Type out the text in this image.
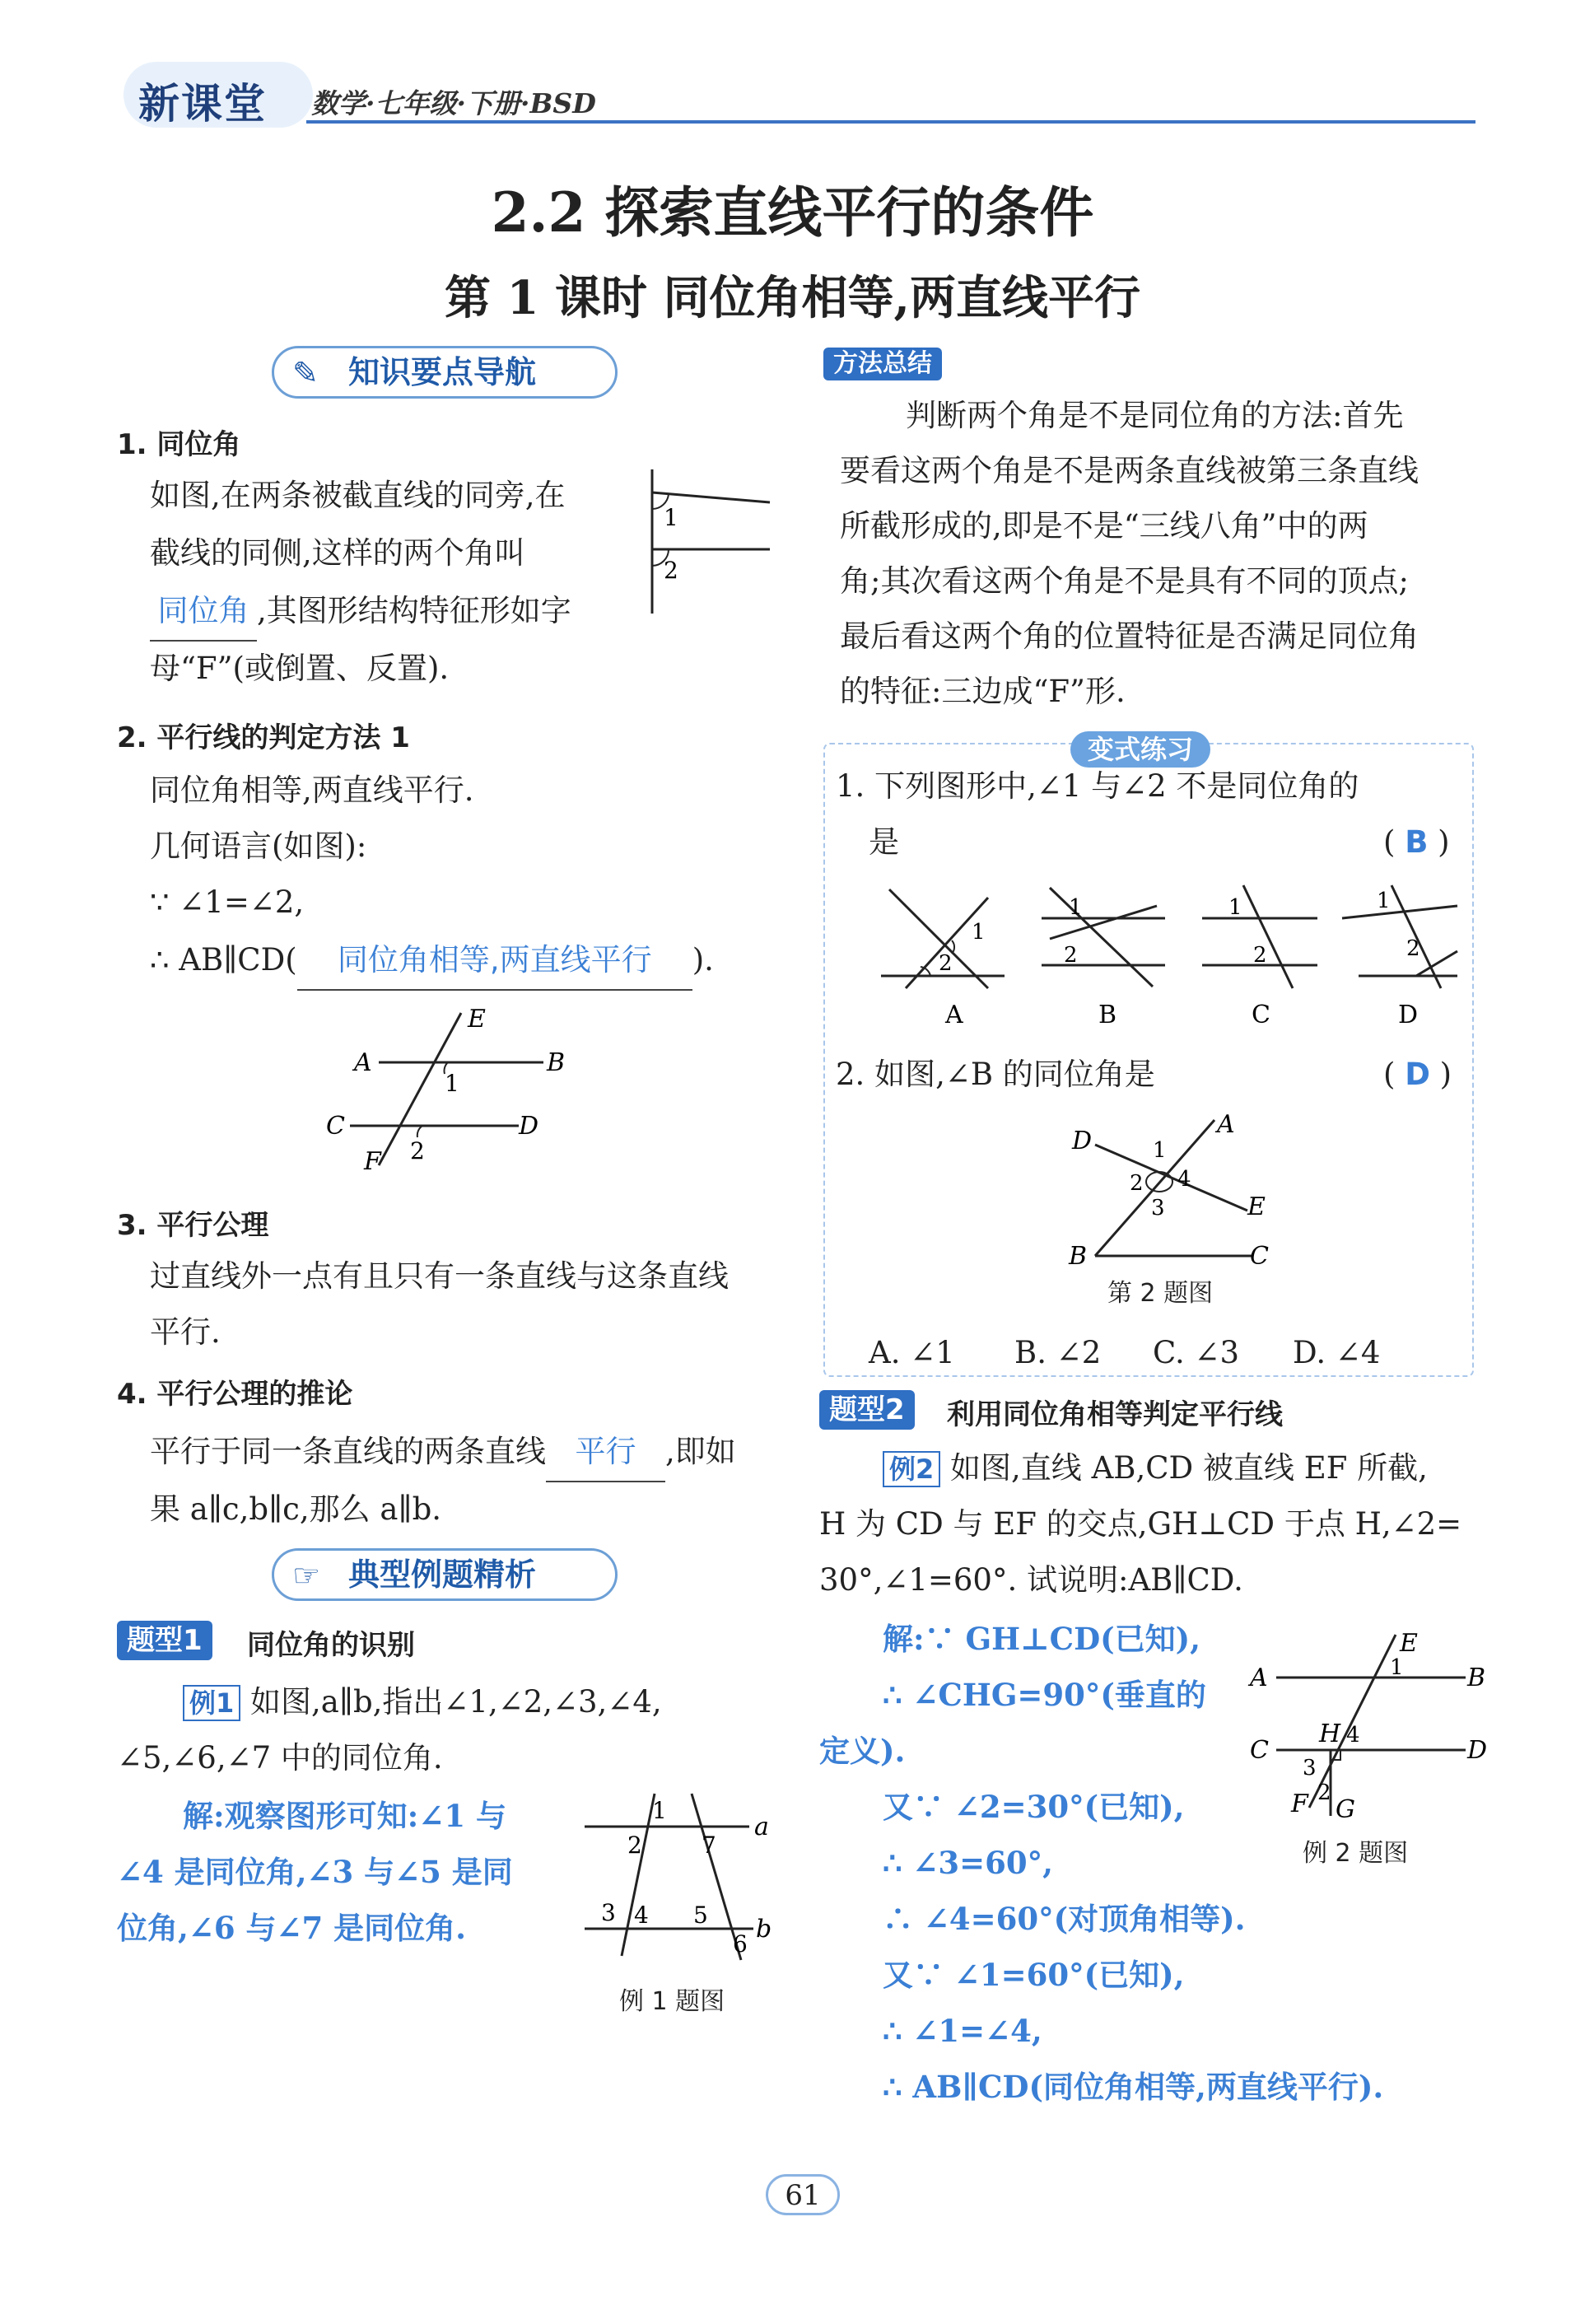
新课堂 数学·七年级·下册·BSD
2.2 探索直线平行的条件
第 1 课时 同位角相等,两直线平行
✎ 知识要点导航
1. 同位角
如图,在两条被截直线的同旁,在
截线的同侧,这样的两个角叫
同位角 ,其图形结构特征形如字
母“F”(或倒置、反置).
1
2
2. 平行线的判定方法 1
同位角相等,两直线平行.
几何语言(如图):
∵ ∠1=∠2,
∴ AB∥CD( 同位角相等,两直线平行 ).
E
A	B
1
C	D
F 2
3. 平行公理
过直线外一点有且只有一条直线与这条直线
平行.
4. 平行公理的推论
平行于同一条直线的两条直线 平行 ,即如
果 a∥c,b∥c,那么 a∥b.
☞ 典型例题精析
题型1	同位角的识别
例1 如图,a∥b,指出∠1,∠2,∠3,∠4,
∠5,∠6,∠7 中的同位角.
解:观察图形可知:∠1 与
∠4 是同位角,∠3 与∠5 是同
位角,∠6 与∠7 是同位角.
1
2	7
a
3 4 5 b
6
例 1 题图
方法总结
判断两个角是不是同位角的方法:首先
要看这两个角是不是两条直线被第三条直线
所截形成的,即是不是“三线八角”中的两
角;其次看这两个角是不是具有不同的顶点;
最后看这两个角的位置特征是否满足同位角
的特征:三边成“F”形.
变式练习
1. 下列图形中,∠1 与∠2 不是同位角的
是	( B )
1
2
A
1
2
B
1
2
C
1
2
D
2. 如图,∠B 的同位角是	( D )
D	1
A
2 4
E
3
B	C
第 2 题图
A. ∠1 B. ∠2 C. ∠3 D. ∠4
题型2	利用同位角相等判定平行线
例2 如图,直线 AB,CD 被直线 EF 所截,
H 为 CD 与 EF 的交点,GH⊥CD 于点 H,∠2=
30°,∠1=60°. 试说明:AB∥CD.
解:∵ GH⊥CD(已知),
∴ ∠CHG=90°(垂直的
定义).
又∵ ∠2=30°(已知),
∴ ∠3=60°,
∴ ∠4=60°(对顶角相等).
又∵ ∠1=60°(已知),
∴ ∠1=∠4,
∴ AB∥CD(同位角相等,两直线平行).
E
A	1	B
H 4
C	D
3
F 2
G
例 2 题图
61
